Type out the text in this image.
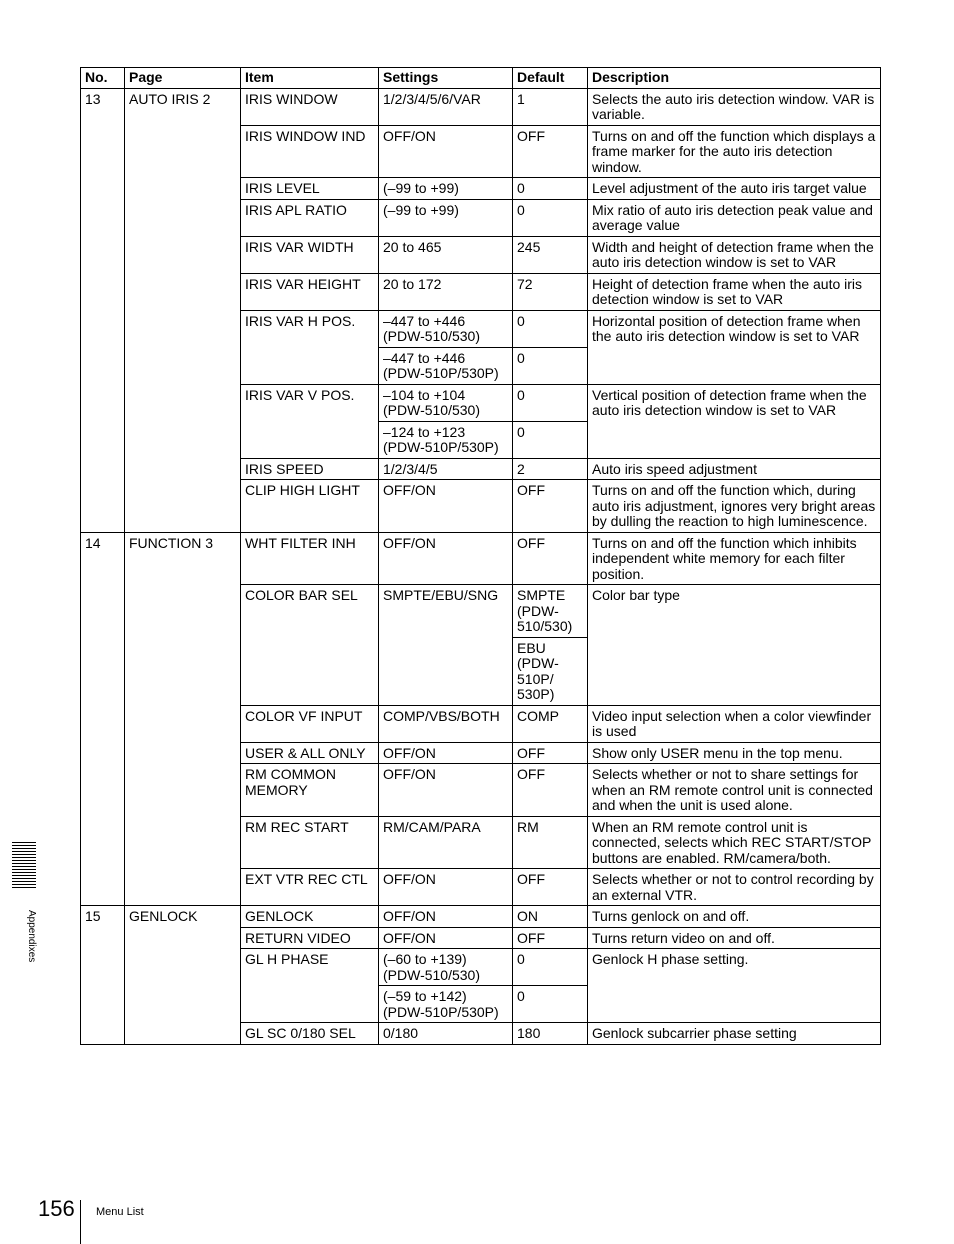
No.	Page	Item	Settings	Default	Description
13	AUTO IRIS 2	IRIS WINDOW	1/2/3/4/5/6/VAR	1	Selects the auto iris detection window. VAR is variable.
		IRIS WINDOW IND	OFF/ON	OFF	Turns on and off the function which displays a frame marker for the auto iris detection window.
		IRIS LEVEL	(–99 to +99)	0	Level adjustment of the auto iris target value
		IRIS APL RATIO	(–99 to +99)	0	Mix ratio of auto iris detection peak value and average value
		IRIS VAR WIDTH	20 to 465	245	Width and height of detection frame when the auto iris detection window is set to VAR
		IRIS VAR HEIGHT	20 to 172	72	Height of detection frame when the auto iris detection window is set to VAR
		IRIS VAR H POS.	–447 to +446
(PDW-510/530)	0	Horizontal position of detection frame when the auto iris detection window is set to VAR
			–447 to +446
(PDW-510P/530P)	0	
		IRIS VAR V POS.	–104 to +104
(PDW-510/530)	0	Vertical position of detection frame when the auto iris detection window is set to VAR
			–124 to +123
(PDW-510P/530P)	0	
		IRIS SPEED	1/2/3/4/5	2	Auto iris speed adjustment
		CLIP HIGH LIGHT	OFF/ON	OFF	Turns on and off the function which, during auto iris adjustment, ignores very bright areas by dulling the reaction to high luminescence.
14	FUNCTION 3	WHT FILTER INH	OFF/ON	OFF	Turns on and off the function which inhibits independent white memory for each filter position.
		COLOR BAR SEL	SMPTE/EBU/SNG	SMPTE
(PDW-
510/530)	Color bar type
				EBU
(PDW-
510P/
530P)	
		COLOR VF INPUT	COMP/VBS/BOTH	COMP	Video input selection when a color viewfinder is used
		USER & ALL ONLY	OFF/ON	OFF	Show only USER menu in the top menu.
		RM COMMON
MEMORY	OFF/ON	OFF	Selects whether or not to share settings for when an RM remote control unit is connected and when the unit is used alone.
		RM REC START	RM/CAM/PARA	RM	When an RM remote control unit is connected, selects which REC START/STOP buttons are enabled. RM/camera/both.
		EXT VTR REC CTL	OFF/ON	OFF	Selects whether or not to control recording by an external VTR.
15	GENLOCK	GENLOCK	OFF/ON	ON	Turns genlock on and off.
		RETURN VIDEO	OFF/ON	OFF	Turns return video on and off.
		GL H PHASE	(–60 to +139)
(PDW-510/530)	0	Genlock H phase setting.
			(–59 to +142)
(PDW-510P/530P)	0	
		GL SC 0/180 SEL	0/180	180	Genlock subcarrier phase setting
Appendixes
156 Menu List
